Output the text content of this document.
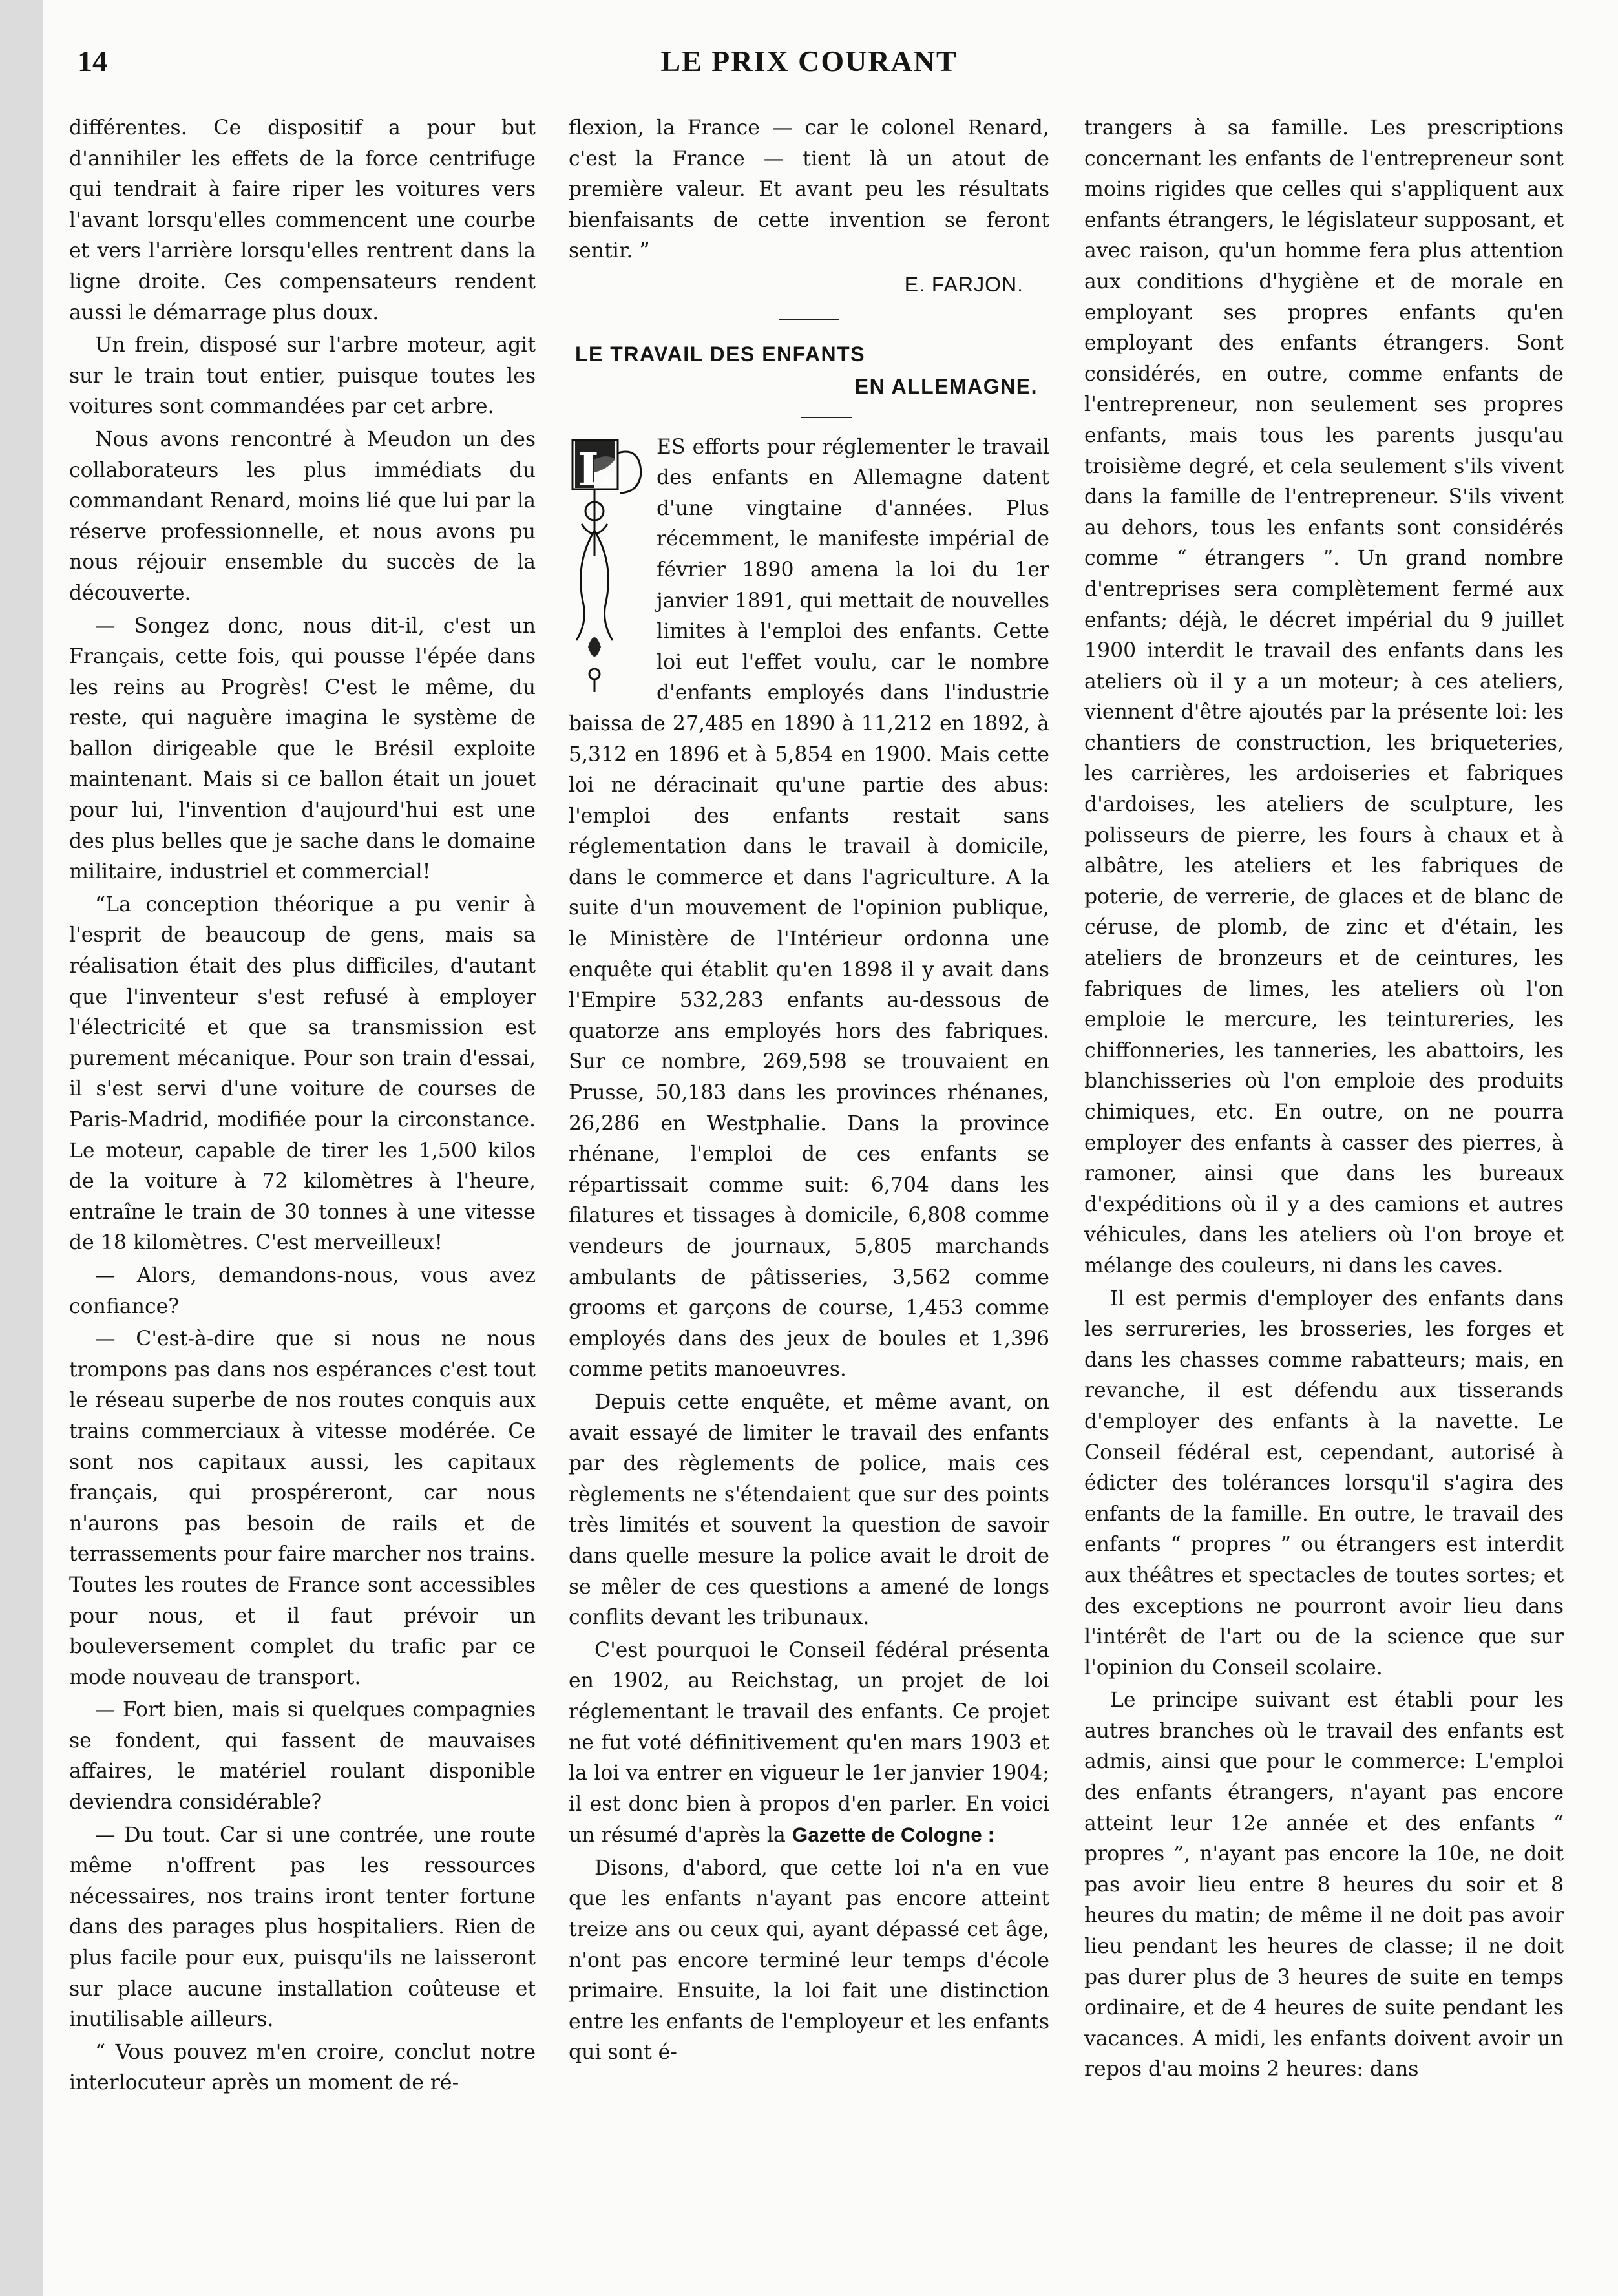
14	LE PRIX COURANT

différentes. Ce dispositif a pour but d'annihiler les effets de la force centrifuge qui tendrait à faire riper les voitures vers l'avant lorsqu'elles commencent une courbe et vers l'arrière lorsqu'elles rentrent dans la ligne droite. Ces compensateurs rendent aussi le démarrage plus doux.

Un frein, disposé sur l'arbre moteur, agit sur le train tout entier, puisque toutes les voitures sont commandées par cet arbre.

Nous avons rencontré à Meudon un des collaborateurs les plus immédiats du commandant Renard, moins lié que lui par la réserve professionnelle, et nous avons pu nous réjouir ensemble du succès de la découverte.

— Songez donc, nous dit-il, c'est un Français, cette fois, qui pousse l'épée dans les reins au Progrès! C'est le même, du reste, qui naguère imagina le système de ballon dirigeable que le Brésil exploite maintenant. Mais si ce ballon était un jouet pour lui, l'invention d'aujourd'hui est une des plus belles que je sache dans le domaine militaire, industriel et commercial!

“La conception théorique a pu venir à l'esprit de beaucoup de gens, mais sa réalisation était des plus difficiles, d'autant que l'inventeur s'est refusé à employer l'électricité et que sa transmission est purement mécanique. Pour son train d'essai, il s'est servi d'une voiture de courses de Paris-Madrid, modifiée pour la circonstance. Le moteur, capable de tirer les 1,500 kilos de la voiture à 72 kilomètres à l'heure, entraîne le train de 30 tonnes à une vitesse de 18 kilomètres. C'est merveilleux!

— Alors, demandons-nous, vous avez confiance?

— C'est-à-dire que si nous ne nous trompons pas dans nos espérances c'est tout le réseau superbe de nos routes conquis aux trains commerciaux à vitesse modérée. Ce sont nos capitaux aussi, les capitaux français, qui prospéreront, car nous n'aurons pas besoin de rails et de terrassements pour faire marcher nos trains. Toutes les routes de France sont accessibles pour nous, et il faut prévoir un bouleversement complet du trafic par ce mode nouveau de transport.

— Fort bien, mais si quelques compagnies se fondent, qui fassent de mauvaises affaires, le matériel roulant disponible deviendra considérable?

— Du tout. Car si une contrée, une route même n'offrent pas les ressources nécessaires, nos trains iront tenter fortune dans des parages plus hospitaliers. Rien de plus facile pour eux, puisqu'ils ne laisseront sur place aucune installation coûteuse et inutilisable ailleurs.

“ Vous pouvez m'en croire, conclut notre interlocuteur après un moment de ré-

flexion, la France — car le colonel Renard, c'est la France — tient là un atout de première valeur. Et avant peu les résultats bienfaisants de cette invention se feront sentir. ”

E. FARJON.
LE TRAVAIL DES ENFANTS
EN ALLEMAGNE.

L ES efforts pour réglementer le travail des enfants en Allemagne datent d'une vingtaine d'années. Plus récemment, le manifeste impérial de février 1890 amena la loi du 1er janvier 1891, qui mettait de nouvelles limites à l'emploi des enfants. Cette loi eut l'effet voulu, car le nombre d'enfants employés dans l'industrie baissa de 27,485 en 1890 à 11,212 en 1892, à 5,312 en 1896 et à 5,854 en 1900. Mais cette loi ne déracinait qu'une partie des abus: l'emploi des enfants restait sans réglementation dans le travail à domicile, dans le commerce et dans l'agriculture. A la suite d'un mouvement de l'opinion publique, le Ministère de l'Intérieur ordonna une enquête qui établit qu'en 1898 il y avait dans l'Empire 532,283 enfants au-dessous de quatorze ans employés hors des fabriques. Sur ce nombre, 269,598 se trouvaient en Prusse, 50,183 dans les provinces rhénanes, 26,286 en Westphalie. Dans la province rhénane, l'emploi de ces enfants se répartissait comme suit: 6,704 dans les filatures et tissages à domicile, 6,808 comme vendeurs de journaux, 5,805 marchands ambulants de pâtisseries, 3,562 comme grooms et garçons de course, 1,453 comme employés dans des jeux de boules et 1,396 comme petits manoeuvres.

Depuis cette enquête, et même avant, on avait essayé de limiter le travail des enfants par des règlements de police, mais ces règlements ne s'étendaient que sur des points très limités et souvent la question de savoir dans quelle mesure la police avait le droit de se mêler de ces questions a amené de longs conflits devant les tribunaux.

C'est pourquoi le Conseil fédéral présenta en 1902, au Reichstag, un projet de loi réglementant le travail des enfants. Ce projet ne fut voté définitivement qu'en mars 1903 et la loi va entrer en vigueur le 1er janvier 1904; il est donc bien à propos d'en parler. En voici un résumé d'après la Gazette de Cologne :

Disons, d'abord, que cette loi n'a en vue que les enfants n'ayant pas encore atteint treize ans ou ceux qui, ayant dépassé cet âge, n'ont pas encore terminé leur temps d'école primaire. Ensuite, la loi fait une distinction entre les enfants de l'employeur et les enfants qui sont é-

trangers à sa famille. Les prescriptions concernant les enfants de l'entrepreneur sont moins rigides que celles qui s'appliquent aux enfants étrangers, le législateur supposant, et avec raison, qu'un homme fera plus attention aux conditions d'hygiène et de morale en employant ses propres enfants qu'en employant des enfants étrangers. Sont considérés, en outre, comme enfants de l'entrepreneur, non seulement ses propres enfants, mais tous les parents jusqu'au troisième degré, et cela seulement s'ils vivent dans la famille de l'entrepreneur. S'ils vivent au dehors, tous les enfants sont considérés comme “ étrangers ”. Un grand nombre d'entreprises sera complètement fermé aux enfants; déjà, le décret impérial du 9 juillet 1900 interdit le travail des enfants dans les ateliers où il y a un moteur; à ces ateliers, viennent d'être ajoutés par la présente loi: les chantiers de construction, les briqueteries, les carrières, les ardoiseries et fabriques d'ardoises, les ateliers de sculpture, les polisseurs de pierre, les fours à chaux et à albâtre, les ateliers et les fabriques de poterie, de verrerie, de glaces et de blanc de céruse, de plomb, de zinc et d'étain, les ateliers de bronzeurs et de ceintures, les fabriques de limes, les ateliers où l'on emploie le mercure, les teintureries, les chiffonneries, les tanneries, les abattoirs, les blanchisseries où l'on emploie des produits chimiques, etc. En outre, on ne pourra employer des enfants à casser des pierres, à ramoner, ainsi que dans les bureaux d'expéditions où il y a des camions et autres véhicules, dans les ateliers où l'on broye et mélange des couleurs, ni dans les caves.

Il est permis d'employer des enfants dans les serrureries, les brosseries, les forges et dans les chasses comme rabatteurs; mais, en revanche, il est défendu aux tisserands d'employer des enfants à la navette. Le Conseil fédéral est, cependant, autorisé à édicter des tolérances lorsqu'il s'agira des enfants de la famille. En outre, le travail des enfants “ propres ” ou étrangers est interdit aux théâtres et spectacles de toutes sortes; et des exceptions ne pourront avoir lieu dans l'intérêt de l'art ou de la science que sur l'opinion du Conseil scolaire.

Le principe suivant est établi pour les autres branches où le travail des enfants est admis, ainsi que pour le commerce: L'emploi des enfants étrangers, n'ayant pas encore atteint leur 12e année et des enfants “ propres ”, n'ayant pas encore la 10e, ne doit pas avoir lieu entre 8 heures du soir et 8 heures du matin; de même il ne doit pas avoir lieu pendant les heures de classe; il ne doit pas durer plus de 3 heures de suite en temps ordinaire, et de 4 heures de suite pendant les vacances. A midi, les enfants doivent avoir un repos d'au moins 2 heures: dans
